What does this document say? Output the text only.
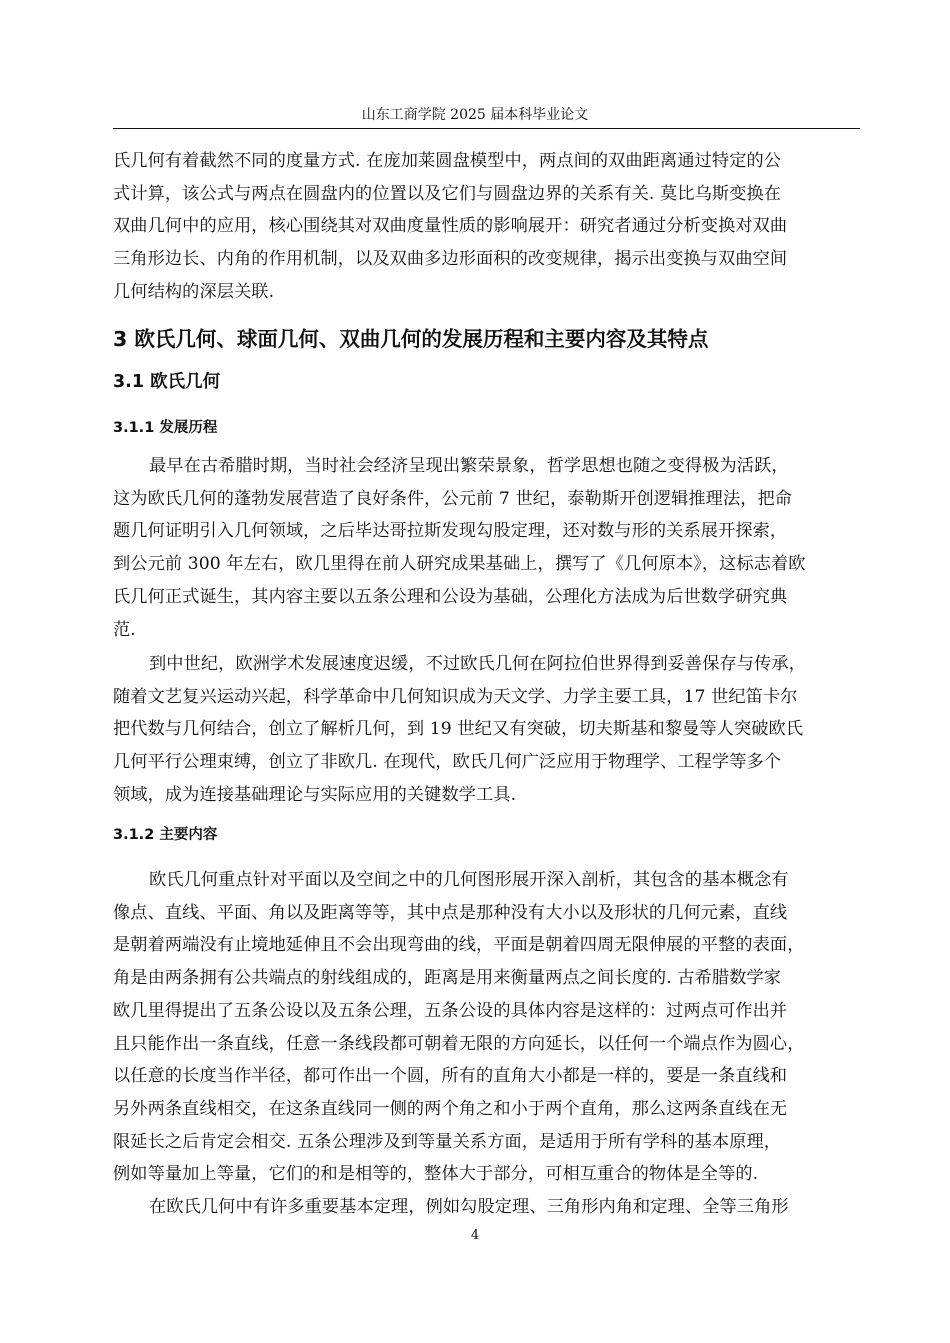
山东工商学院 2025 届本科毕业论文

氏几何有着截然不同的度量方式. 在庞加莱圆盘模型中，两点间的双曲距离通过特定的公
式计算，该公式与两点在圆盘内的位置以及它们与圆盘边界的关系有关. 莫比乌斯变换在
双曲几何中的应用，核心围绕其对双曲度量性质的影响展开：研究者通过分析变换对双曲
三角形边长、内角的作用机制，以及双曲多边形面积的改变规律，揭示出变换与双曲空间
几何结构的深层关联.

3 欧氏几何、球面几何、双曲几何的发展历程和主要内容及其特点
3.1 欧氏几何
3.1.1 发展历程

最早在古希腊时期，当时社会经济呈现出繁荣景象，哲学思想也随之变得极为活跃，
这为欧氏几何的蓬勃发展营造了良好条件，公元前 7 世纪，泰勒斯开创逻辑推理法，把命
题几何证明引入几何领域，之后毕达哥拉斯发现勾股定理，还对数与形的关系展开探索，
到公元前 300 年左右，欧几里得在前人研究成果基础上，撰写了《几何原本》，这标志着欧
氏几何正式诞生，其内容主要以五条公理和公设为基础，公理化方法成为后世数学研究典
范.

到中世纪，欧洲学术发展速度迟缓，不过欧氏几何在阿拉伯世界得到妥善保存与传承，
随着文艺复兴运动兴起，科学革命中几何知识成为天文学、力学主要工具，17 世纪笛卡尔
把代数与几何结合，创立了解析几何，到 19 世纪又有突破，切夫斯基和黎曼等人突破欧氏
几何平行公理束缚，创立了非欧几. 在现代，欧氏几何广泛应用于物理学、工程学等多个
领域，成为连接基础理论与实际应用的关键数学工具.

3.1.2 主要内容

欧氏几何重点针对平面以及空间之中的几何图形展开深入剖析，其包含的基本概念有
像点、直线、平面、角以及距离等等，其中点是那种没有大小以及形状的几何元素，直线
是朝着两端没有止境地延伸且不会出现弯曲的线，平面是朝着四周无限伸展的平整的表面，
角是由两条拥有公共端点的射线组成的，距离是用来衡量两点之间长度的. 古希腊数学家
欧几里得提出了五条公设以及五条公理，五条公设的具体内容是这样的：过两点可作出并
且只能作出一条直线，任意一条线段都可朝着无限的方向延长，以任何一个端点作为圆心，
以任意的长度当作半径，都可作出一个圆，所有的直角大小都是一样的，要是一条直线和
另外两条直线相交，在这条直线同一侧的两个角之和小于两个直角，那么这两条直线在无
限延长之后肯定会相交. 五条公理涉及到等量关系方面，是适用于所有学科的基本原理，
例如等量加上等量，它们的和是相等的，整体大于部分，可相互重合的物体是全等的.

在欧氏几何中有许多重要基本定理，例如勾股定理、三角形内角和定理、全等三角形

4
